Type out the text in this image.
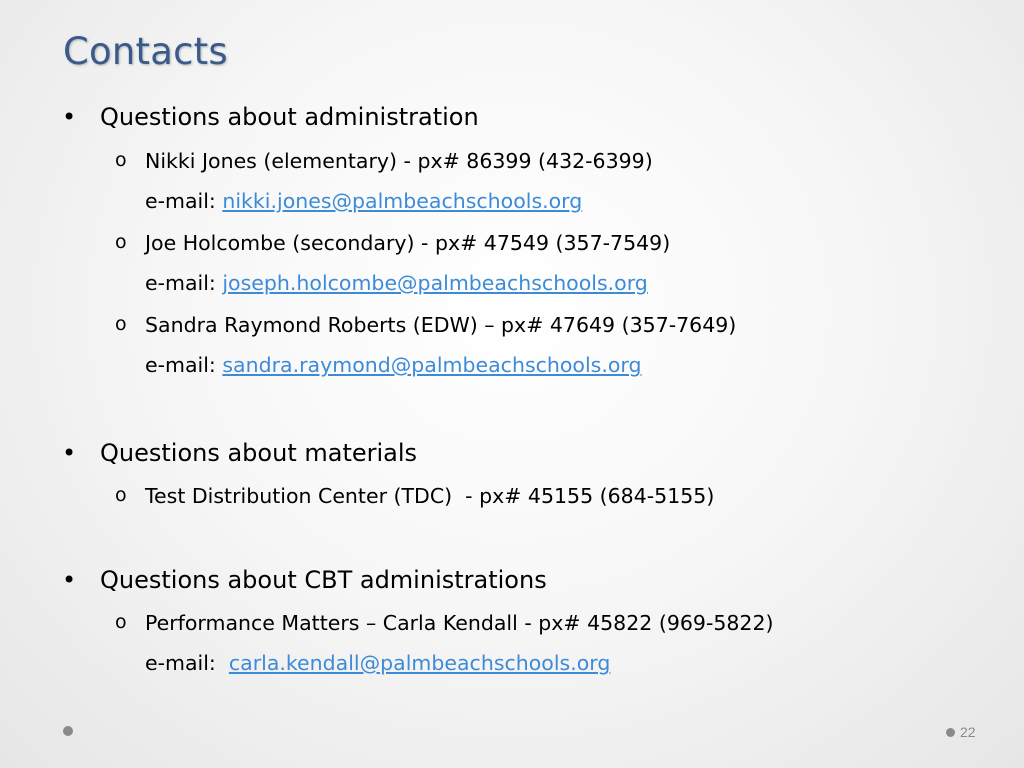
Contacts
• Questions about administration
o Nikki Jones (elementary) - px# 86399 (432-6399)
e-mail: nikki.jones@palmbeachschools.org
o Joe Holcombe (secondary) - px# 47549 (357-7549)
e-mail: joseph.holcombe@palmbeachschools.org
o Sandra Raymond Roberts (EDW) – px# 47649 (357-7649)
e-mail: sandra.raymond@palmbeachschools.org
• Questions about materials
o Test Distribution Center (TDC)  - px# 45155 (684-5155)
• Questions about CBT administrations
o Performance Matters – Carla Kendall - px# 45822 (969-5822)
e-mail:  carla.kendall@palmbeachschools.org
22
